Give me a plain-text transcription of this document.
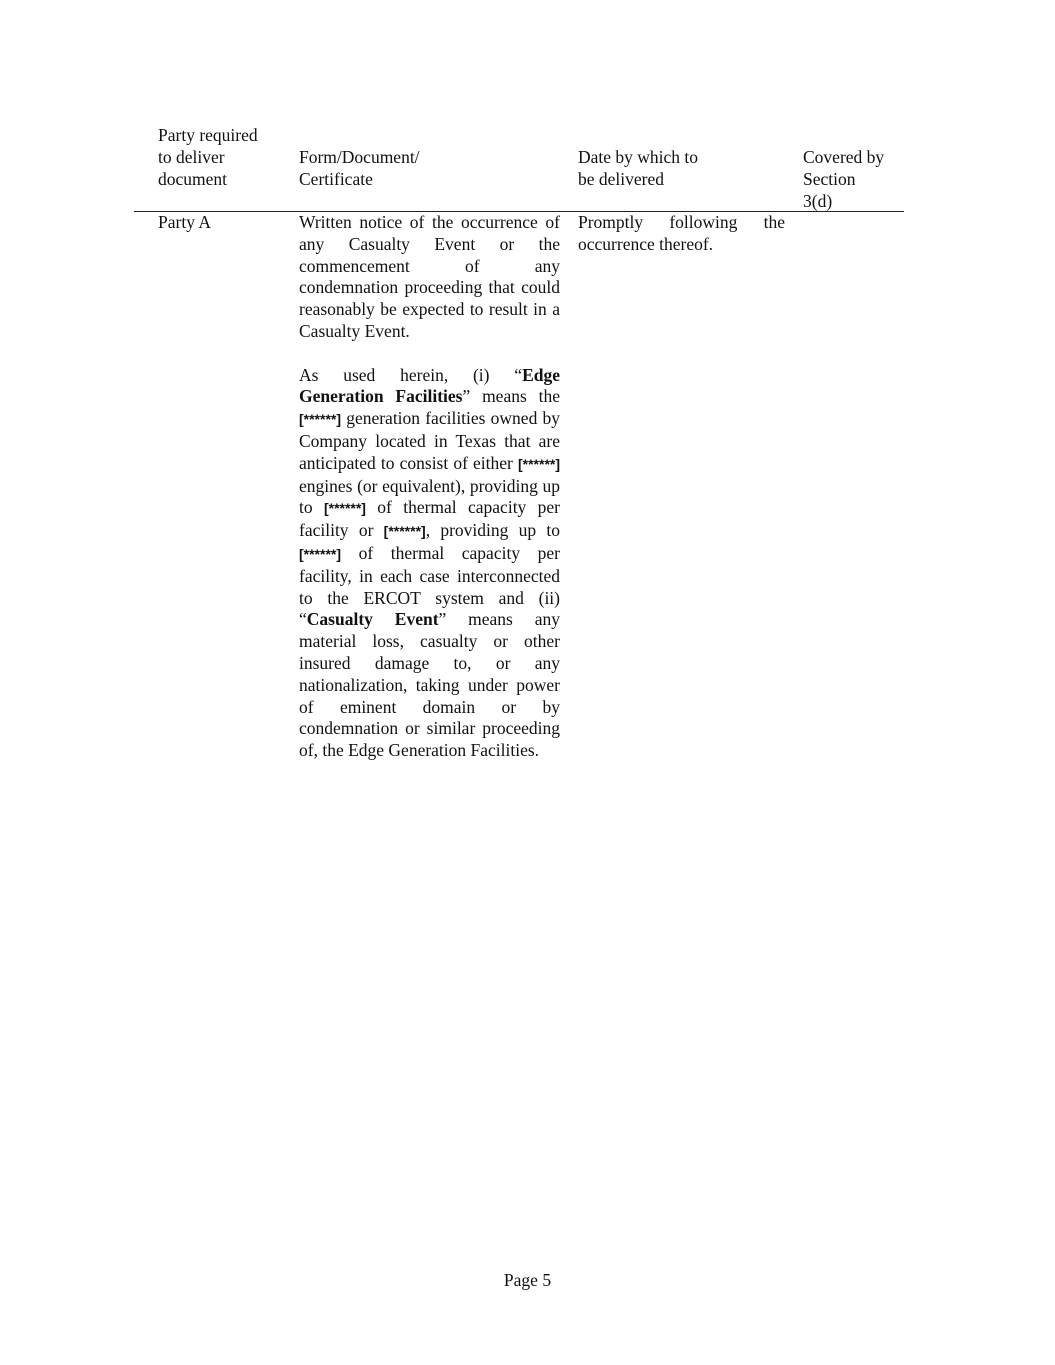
Party required
to deliver
document
Form/Document/
Certificate
Date by which to
be delivered
Covered by
Section
3(d)
Party A	Written notice of the occurrence of any Casualty Event or the commencement of any condemnation proceeding that could reasonably be expected to result in a Casualty Event.

As used herein, (i) “Edge Generation Facilities” means the [******] generation facilities owned by Company located in Texas that are anticipated to consist of either [******] engines (or equivalent), providing up to [******] of thermal capacity per facility or [******], providing up to [******] of thermal capacity per facility, in each case interconnected to the ERCOT system and (ii) “Casualty Event” means any material loss, casualty or other insured damage to, or any nationalization, taking under power of eminent domain or by condemnation or similar proceeding of, the Edge Generation Facilities.

Promptly following the occurrence thereof.
Page 5
